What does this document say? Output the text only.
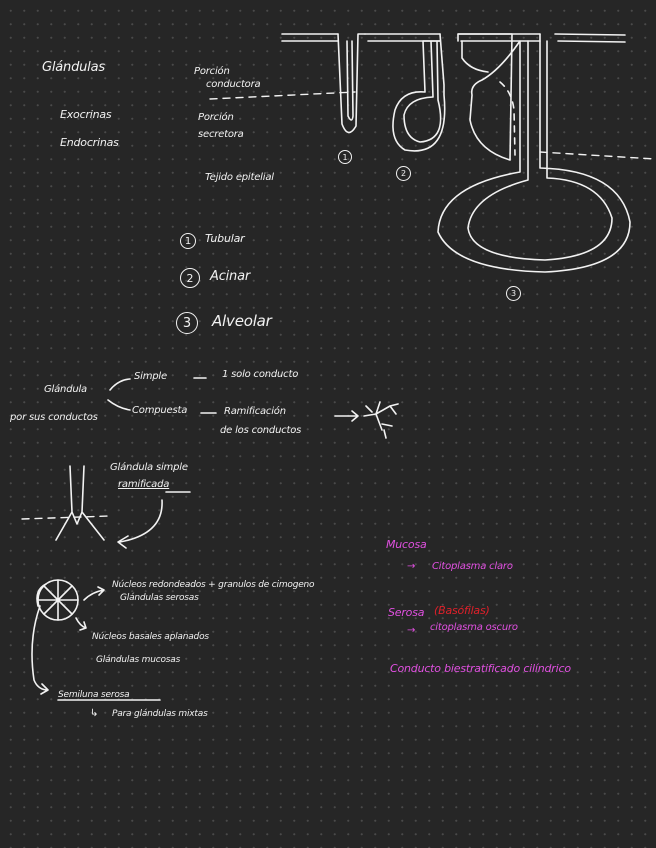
Glándulas
Exocrinas
Endocrinas
Porción
conductora
Porción
secretora
Tejido epitelial
1
2
3
1	Tubular
2	Acinar
3	Alveolar
Glándula
por sus conductos
Simple	1 solo conducto
Compuesta	Ramificación
de los conductos
Glándula simple
ramificada
Núcleos redondeados + granulos de cimogeno
Glándulas serosas
Núcleos basales aplanados
Glándulas mucosas
Semiluna serosa
↳ Para glándulas mixtas
Mucosa
→ Citoplasma claro
Serosa (Basófilas)
→ citoplasma oscuro
Conducto biestratificado cilíndrico
